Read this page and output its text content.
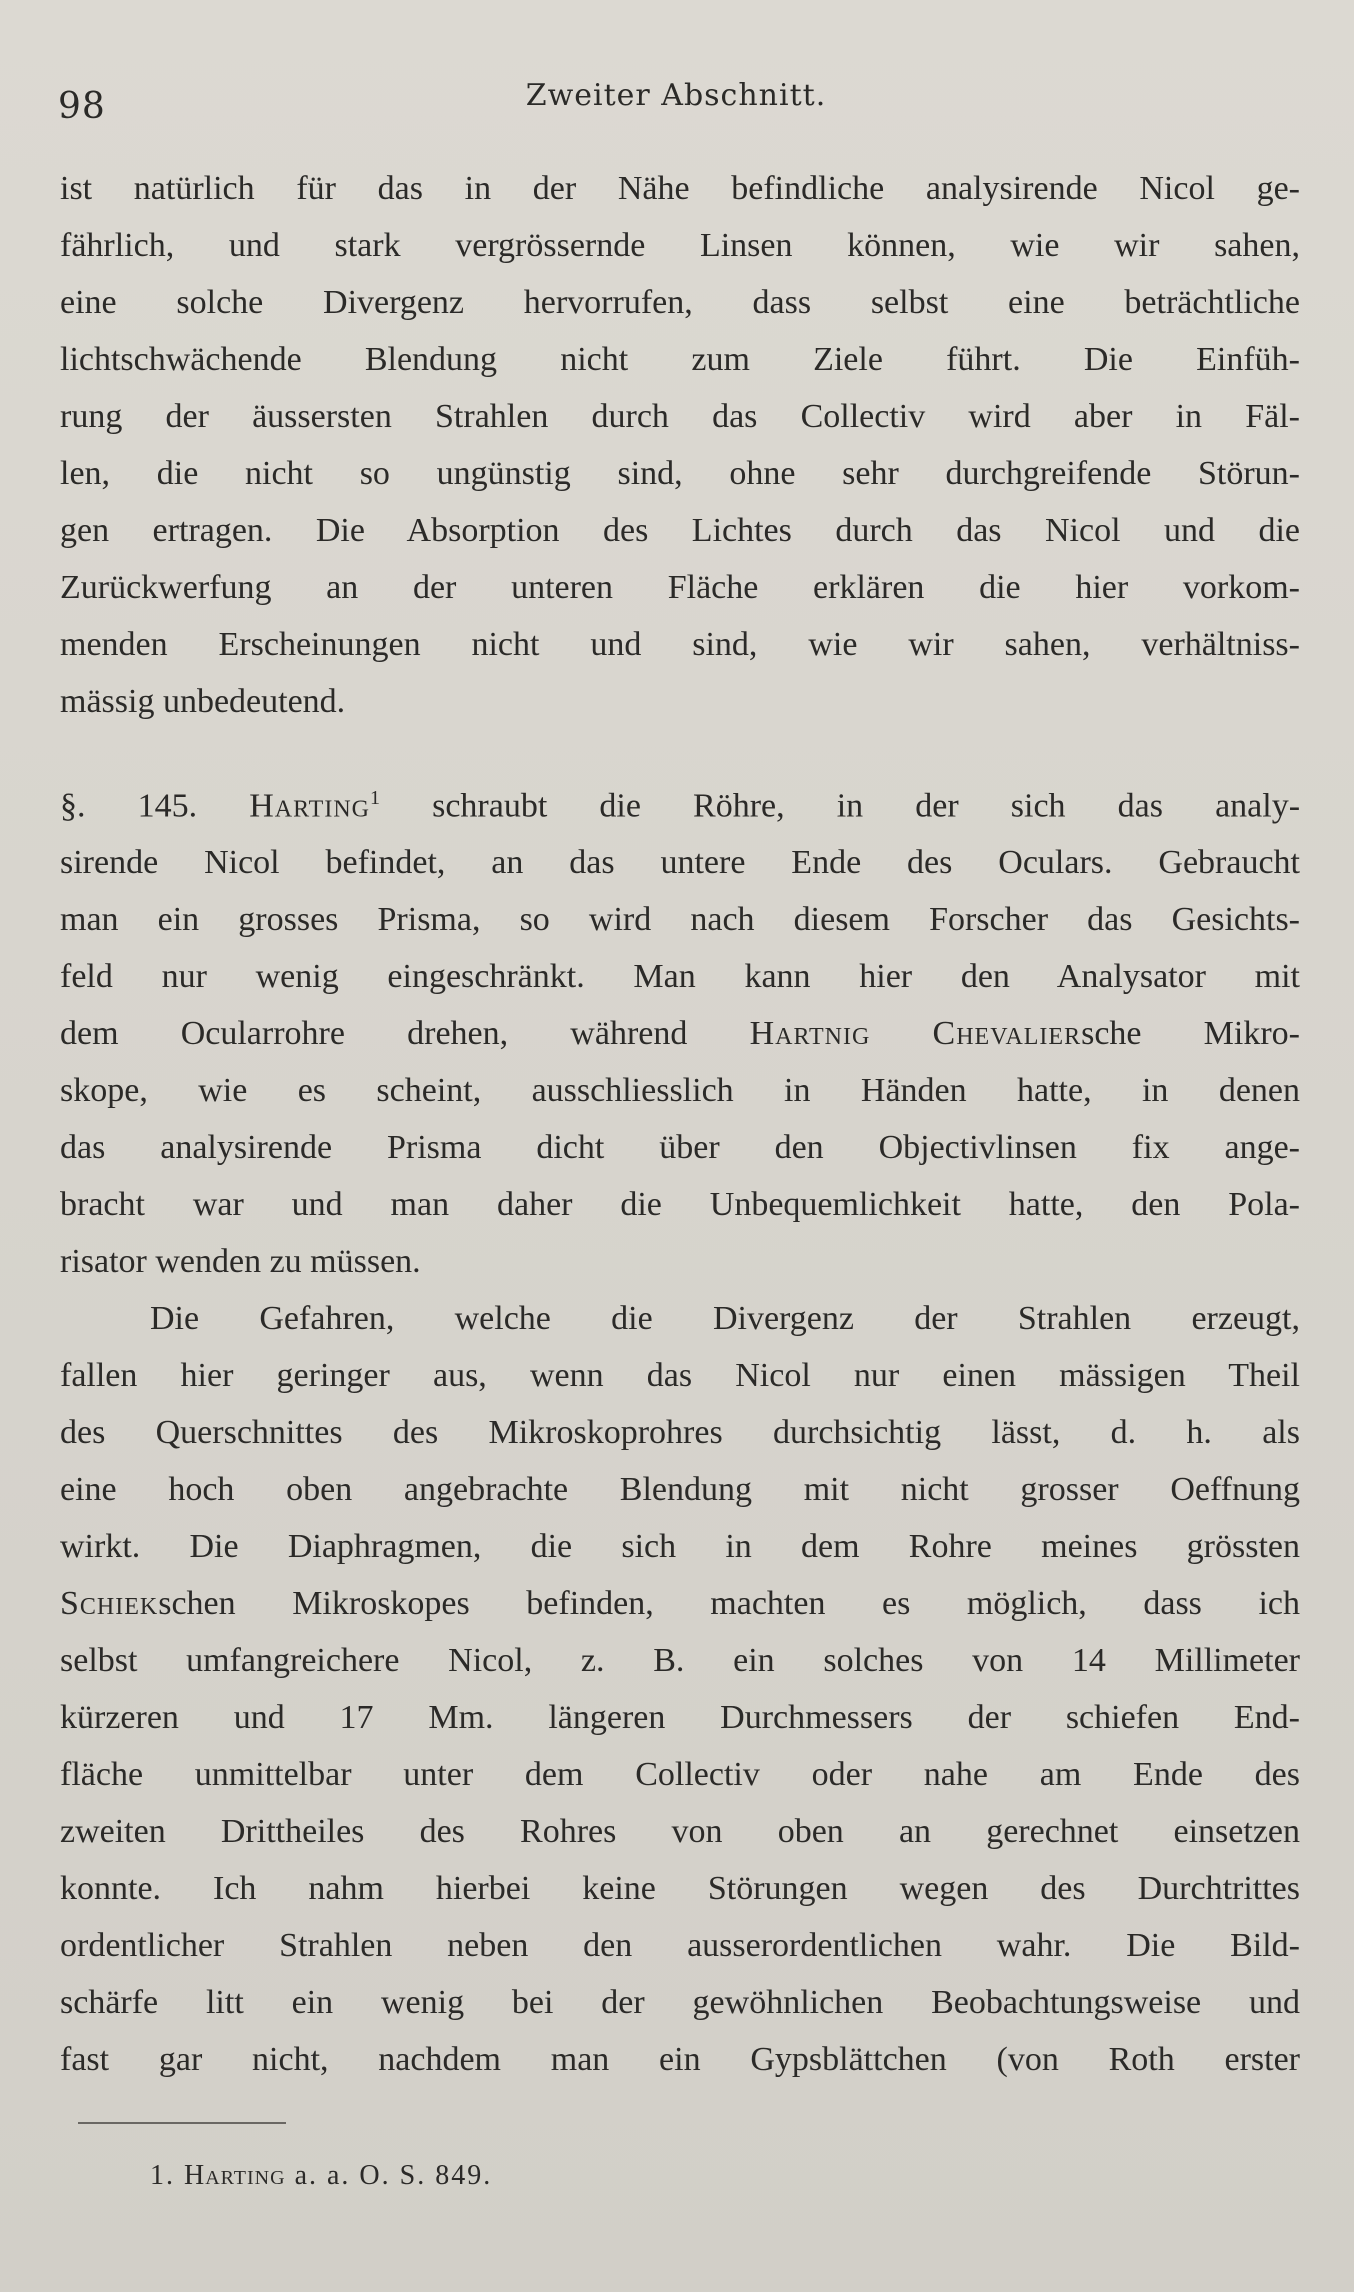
98	Zweiter Abschnitt.
ist natürlich für das in der Nähe befindliche analysirende Nicol ge-
fährlich, und stark vergrössernde Linsen können, wie wir sahen,
eine solche Divergenz hervorrufen, dass selbst eine beträchtliche
lichtschwächende Blendung nicht zum Ziele führt. Die Einfüh-
rung der äussersten Strahlen durch das Collectiv wird aber in Fäl-
len, die nicht so ungünstig sind, ohne sehr durchgreifende Störun-
gen ertragen. Die Absorption des Lichtes durch das Nicol und die
Zurückwerfung an der unteren Fläche erklären die hier vorkom-
menden Erscheinungen nicht und sind, wie wir sahen, verhältniss-
mässig unbedeutend.
§. 145. Harting$^1$ schraubt die Röhre, in der sich das analy-
sirende Nicol befindet, an das untere Ende des Oculars. Gebraucht
man ein grosses Prisma, so wird nach diesem Forscher das Gesichts-
feld nur wenig eingeschränkt. Man kann hier den Analysator mit
dem Ocularrohre drehen, während Hartnig Chevaliersche Mikro-
skope, wie es scheint, ausschliesslich in Händen hatte, in denen
das analysirende Prisma dicht über den Objectivlinsen fix ange-
bracht war und man daher die Unbequemlichkeit hatte, den Pola-
risator wenden zu müssen.
Die Gefahren, welche die Divergenz der Strahlen erzeugt,
fallen hier geringer aus, wenn das Nicol nur einen mässigen Theil
des Querschnittes des Mikroskoprohres durchsichtig lässt, d. h. als
eine hoch oben angebrachte Blendung mit nicht grosser Oeffnung
wirkt. Die Diaphragmen, die sich in dem Rohre meines grössten
Schiekschen Mikroskopes befinden, machten es möglich, dass ich
selbst umfangreichere Nicol, z. B. ein solches von 14 Millimeter
kürzeren und 17 Mm. längeren Durchmessers der schiefen End-
fläche unmittelbar unter dem Collectiv oder nahe am Ende des
zweiten Drittheiles des Rohres von oben an gerechnet einsetzen
konnte. Ich nahm hierbei keine Störungen wegen des Durchtrittes
ordentlicher Strahlen neben den ausserordentlichen wahr. Die Bild-
schärfe litt ein wenig bei der gewöhnlichen Beobachtungsweise und
fast gar nicht, nachdem man ein Gypsblättchen (von Roth erster
1. Harting a. a. O. S. 849.
